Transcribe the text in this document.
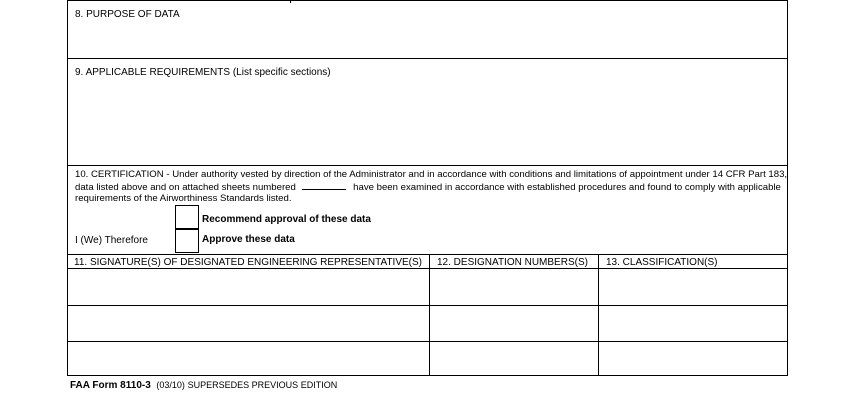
8. PURPOSE OF DATA
9. APPLICABLE REQUIREMENTS (List specific sections)
10. CERTIFICATION - Under authority vested by direction of the Administrator and in accordance with conditions and limitations of appointment under 14 CFR Part 183, data listed above and on attached sheets numbered	have been examined in accordance with established procedures and found to comply with applicable requirements of the Airworthiness Standards listed.
Recommend approval of these data
Approve these data
I (We) Therefore
11. SIGNATURE(S) OF DESIGNATED ENGINEERING REPRESENTATIVE(S) 12. DESIGNATION NUMBERS(S) 13. CLASSIFICATION(S)
FAA Form 8110-3 (03/10) SUPERSEDES PREVIOUS EDITION
